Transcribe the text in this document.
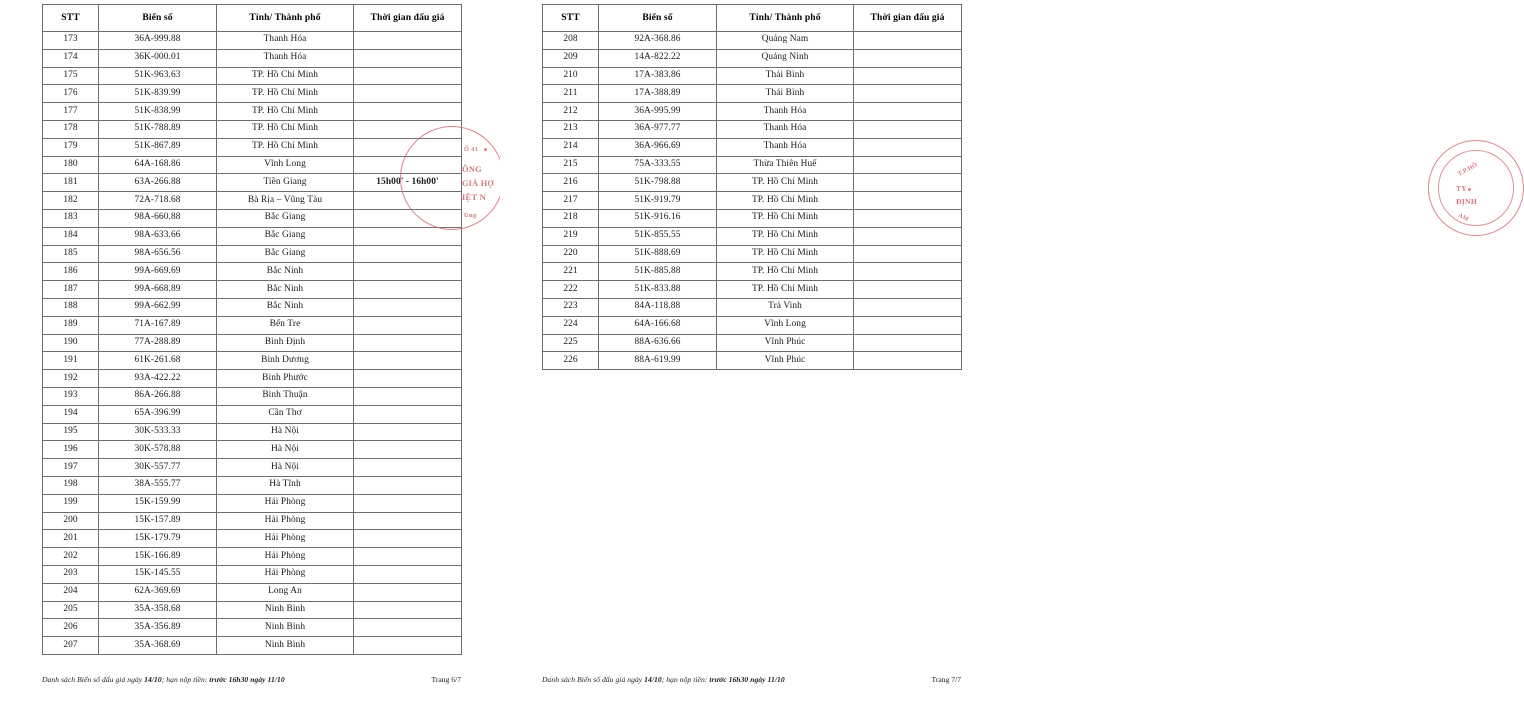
STT	Biển số	Tỉnh/ Thành phố	Thời gian đấu giá
173	36A-999.88	Thanh Hóa	
174	36K-000.01	Thanh Hóa	
175	51K-963.63	TP. Hồ Chí Minh	
176	51K-839.99	TP. Hồ Chí Minh	
177	51K-838.99	TP. Hồ Chí Minh	
178	51K-788.89	TP. Hồ Chí Minh	
179	51K-867.89	TP. Hồ Chí Minh	
180	64A-168.86	Vĩnh Long	
181	63A-266.88	Tiền Giang	15h00' - 16h00'
182	72A-718.68	Bà Rịa – Vũng Tàu	
183	98A-660.88	Bắc Giang	
184	98A-633.66	Bắc Giang	
185	98A-656.56	Bắc Giang	
186	99A-669.69	Bắc Ninh	
187	99A-668.89	Bắc Ninh	
188	99A-662.99	Bắc Ninh	
189	71A-167.89	Bến Tre	
190	77A-288.89	Bình Định	
191	61K-261.68	Bình Dương	
192	93A-422.22	Bình Phước	
193	86A-266.88	Bình Thuận	
194	65A-396.99	Cần Thơ	
195	30K-533.33	Hà Nội	
196	30K-578.88	Hà Nội	
197	30K-557.77	Hà Nội	
198	38A-555.77	Hà Tĩnh	
199	15K-159.99	Hải Phòng	
200	15K-157.89	Hải Phòng	
201	15K-179.79	Hải Phòng	
202	15K-166.89	Hải Phòng	
203	15K-145.55	Hải Phòng	
204	62A-369.69	Long An	
205	35A-358.68	Ninh Bình	
206	35A-356.89	Ninh Bình	
207	35A-368.69	Ninh Bình	
Danh sách Biển số đấu giá ngày 14/10; hạn nộp tiền: trước 16h30 ngày 11/10	Trang 6/7
Ố 41
ÔNG
GIÁ HỢ
IỆT N
Ùng
STT	Biển số	Tỉnh/ Thành phố	Thời gian đấu giá
208	92A-368.86	Quảng Nam	
209	14A-822.22	Quảng Ninh	
210	17A-383.86	Thái Bình	
211	17A-388.89	Thái Bình	
212	36A-995.99	Thanh Hóa	
213	36A-977.77	Thanh Hóa	
214	36A-966.69	Thanh Hóa	
215	75A-333.55	Thừa Thiên Huế	
216	51K-798.88	TP. Hồ Chí Minh	
217	51K-919.79	TP. Hồ Chí Minh	
218	51K-916.16	TP. Hồ Chí Minh	
219	51K-855.55	TP. Hồ Chí Minh	
220	51K-888.69	TP. Hồ Chí Minh	
221	51K-885.88	TP. Hồ Chí Minh	
222	51K-833.88	TP. Hồ Chí Minh	
223	84A-118.88	Trà Vinh	
224	64A-166.68	Vĩnh Long	
225	88A-636.66	Vĩnh Phúc	
226	88A-619.99	Vĩnh Phúc	
Danh sách Biển số đấu giá ngày 14/10; hạn nộp tiền: trước 16h30 ngày 11/10	Trang 7/7
T.P.HỒ
TY
ĐỊNH
AM
